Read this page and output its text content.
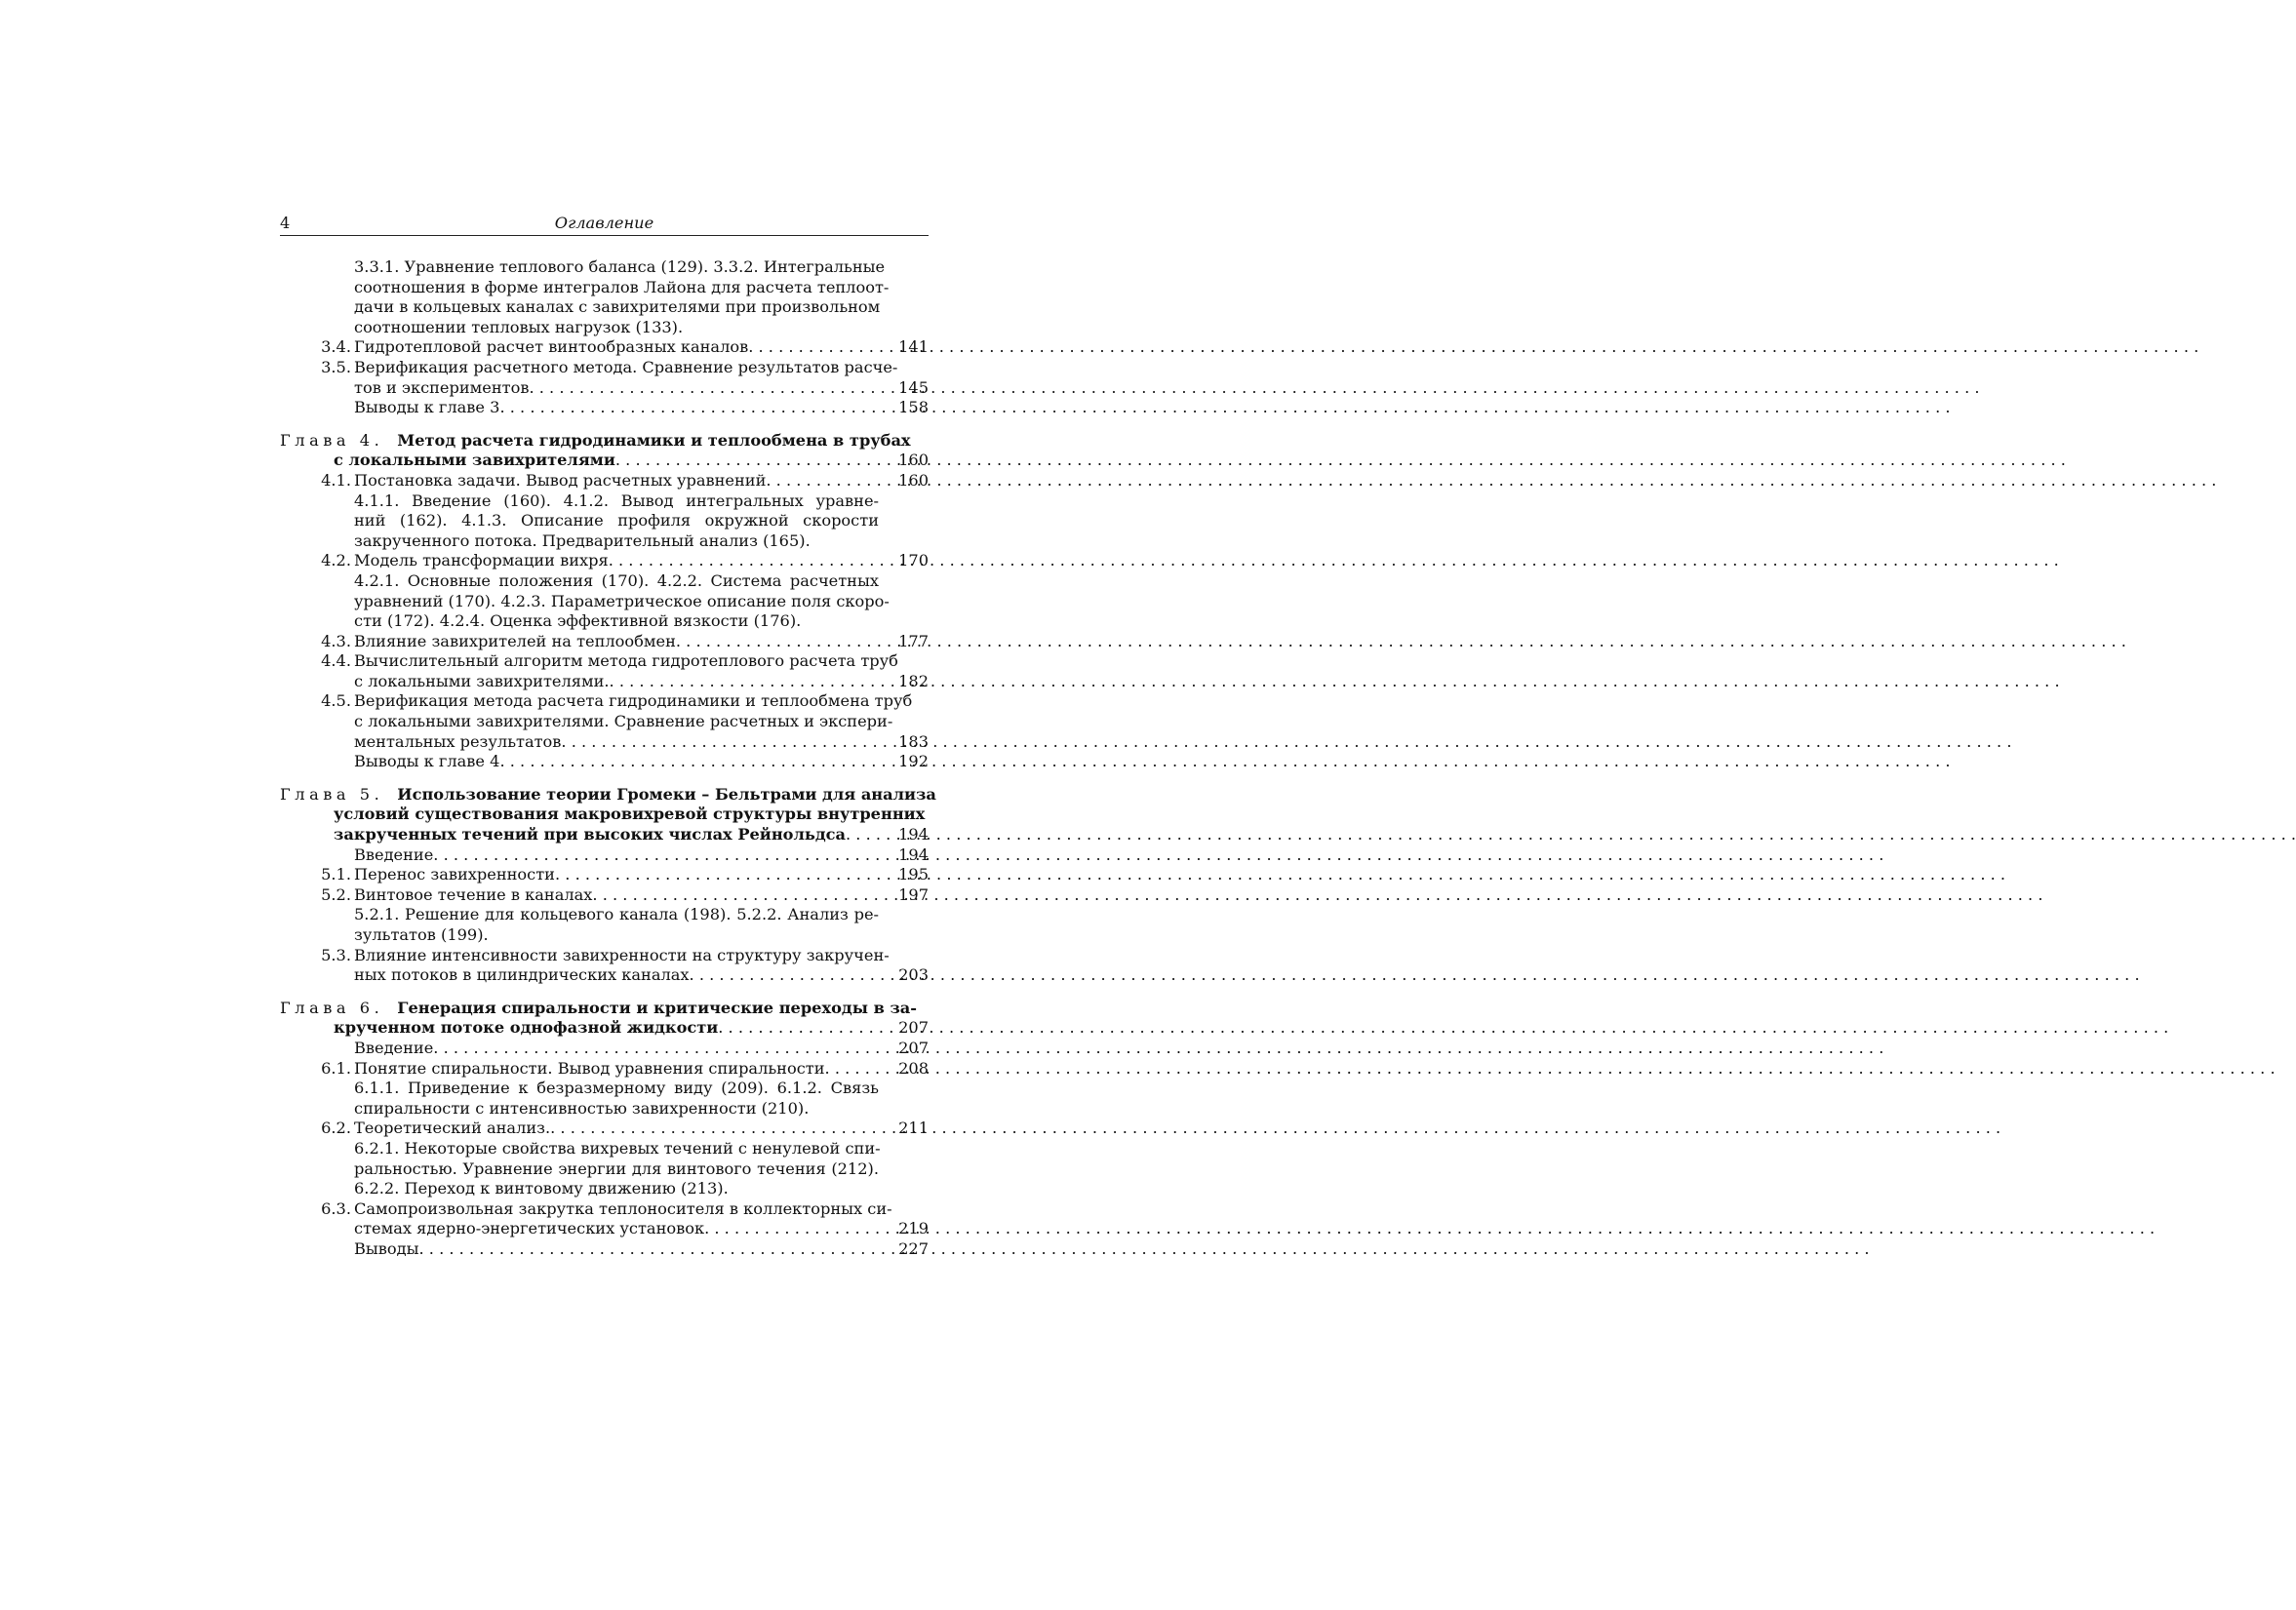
4	Оглавление
3.3.1. Уравнение теплового баланса (129). 3.3.2. Интегральные
соотношения в форме интегралов Лайона для расчета теплоот-
дачи в кольцевых каналах с завихрителями при произвольном
соотношении тепловых нагрузок (133).
3.4. Гидротепловой расчет винтообразных каналов . . .	141
3.5. Верификация расчетного метода. Сравнение результатов расче-
тов и экспериментов . . .	145
Выводы к главе 3 . . .	158
Глава 4. Метод расчета гидродинамики и теплообмена в трубах
с локальными завихрителями . . .	160
4.1. Постановка задачи. Вывод расчетных уравнений . . .	160
4.1.1. Введение (160). 4.1.2. Вывод интегральных уравне-
ний (162). 4.1.3. Описание профиля окружной скорости
закрученного потока. Предварительный анализ (165).
4.2. Модель трансформации вихря . . .	170
4.2.1. Основные положения (170). 4.2.2. Система расчетных
уравнений (170). 4.2.3. Параметрическое описание поля скоро-
сти (172). 4.2.4. Оценка эффективной вязкости (176).
4.3. Влияние завихрителей на теплообмен . . .	177
4.4. Вычислительный алгоритм метода гидротеплового расчета труб
с локальными завихрителями. . . .	182
4.5. Верификация метода расчета гидродинамики и теплообмена труб
с локальными завихрителями. Сравнение расчетных и экспери-
ментальных результатов . . .	183
Выводы к главе 4 . . .	192
Глава 5. Использование теории Громеки – Бельтрами для анализа
условий существования макровихревой структуры внутренних
закрученных течений при высоких числах Рейнольдса . . .	194
Введение . . .	194
5.1. Перенос завихренности . . .	195
5.2. Винтовое течение в каналах . . .	197
5.2.1. Решение для кольцевого канала (198). 5.2.2. Анализ ре-
зультатов (199).
5.3. Влияние интенсивности завихренности на структуру закручен-
ных потоков в цилиндрических каналах . . .	203
Глава 6. Генерация спиральности и критические переходы в за-
крученном потоке однофазной жидкости . . .	207
Введение . . .	207
6.1. Понятие спиральности. Вывод уравнения спиральности . . .	208
6.1.1. Приведение к безразмерному виду (209). 6.1.2. Связь
спиральности с интенсивностью завихренности (210).
6.2. Теоретический анализ. . . .	211
6.2.1. Некоторые свойства вихревых течений с ненулевой спи-
ральностью. Уравнение энергии для винтового течения (212).
6.2.2. Переход к винтовому движению (213).
6.3. Самопроизвольная закрутка теплоносителя в коллекторных си-
стемах ядерно-энергетических установок . . .	219
Выводы . . .	227
